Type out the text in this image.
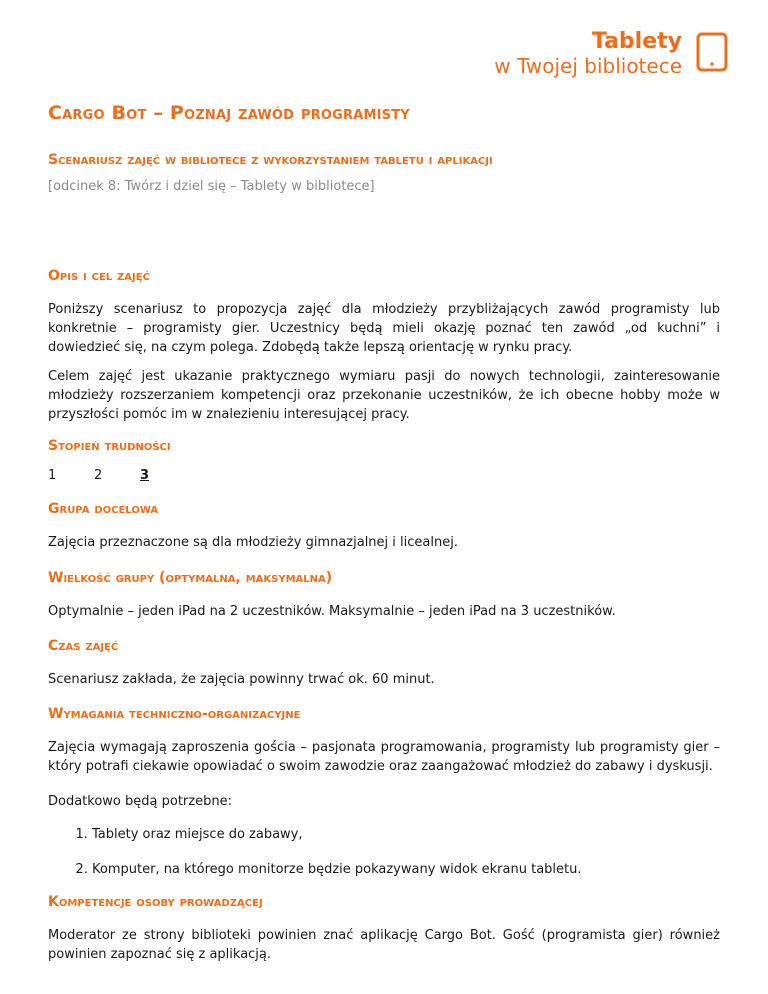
Tablety
w Twojej bibliotece
Cargo Bot – Poznaj zawód programisty
Scenariusz zajęć w bibliotece z wykorzystaniem tabletu i aplikacji
[odcinek 8: Twórz i dziel się – Tablety w bibliotece]
Opis i cel zajęć

Poniższy scenariusz to propozycja zajęć dla młodzieży przybliżających zawód programisty lub konkretnie – programisty gier. Uczestnicy będą mieli okazję poznać ten zawód „od kuchni” i dowiedzieć się, na czym polega. Zdobędą także lepszą orientację w rynku pracy.

Celem zajęć jest ukazanie praktycznego wymiaru pasji do nowych technologii, zainteresowanie młodzieży rozszerzaniem kompetencji oraz przekonanie uczestników, że ich obecne hobby może w przyszłości pomóc im w znalezieniu interesującej pracy.

Stopień trudności
1	2	3
Grupa docelowa

Zajęcia przeznaczone są dla młodzieży gimnazjalnej i licealnej.

Wielkość grupy (optymalna, maksymalna)

Optymalnie – jeden iPad na 2 uczestników. Maksymalnie – jeden iPad na 3 uczestników.

Czas zajęć

Scenariusz zakłada, że zajęcia powinny trwać ok. 60 minut.

Wymagania techniczno-organizacyjne

Zajęcia wymagają zaproszenia gościa – pasjonata programowania, programisty lub programisty gier – który potrafi ciekawie opowiadać o swoim zawodzie oraz zaangażować młodzież do zabawy i dyskusji.

Dodatkowo będą potrzebne:

1. Tablety oraz miejsce do zabawy,
2. Komputer, na którego monitorze będzie pokazywany widok ekranu tabletu.
Kompetencje osoby prowadzącej

Moderator ze strony biblioteki powinien znać aplikację Cargo Bot. Gość (programista gier) również powinien zapoznać się z aplikacją.
